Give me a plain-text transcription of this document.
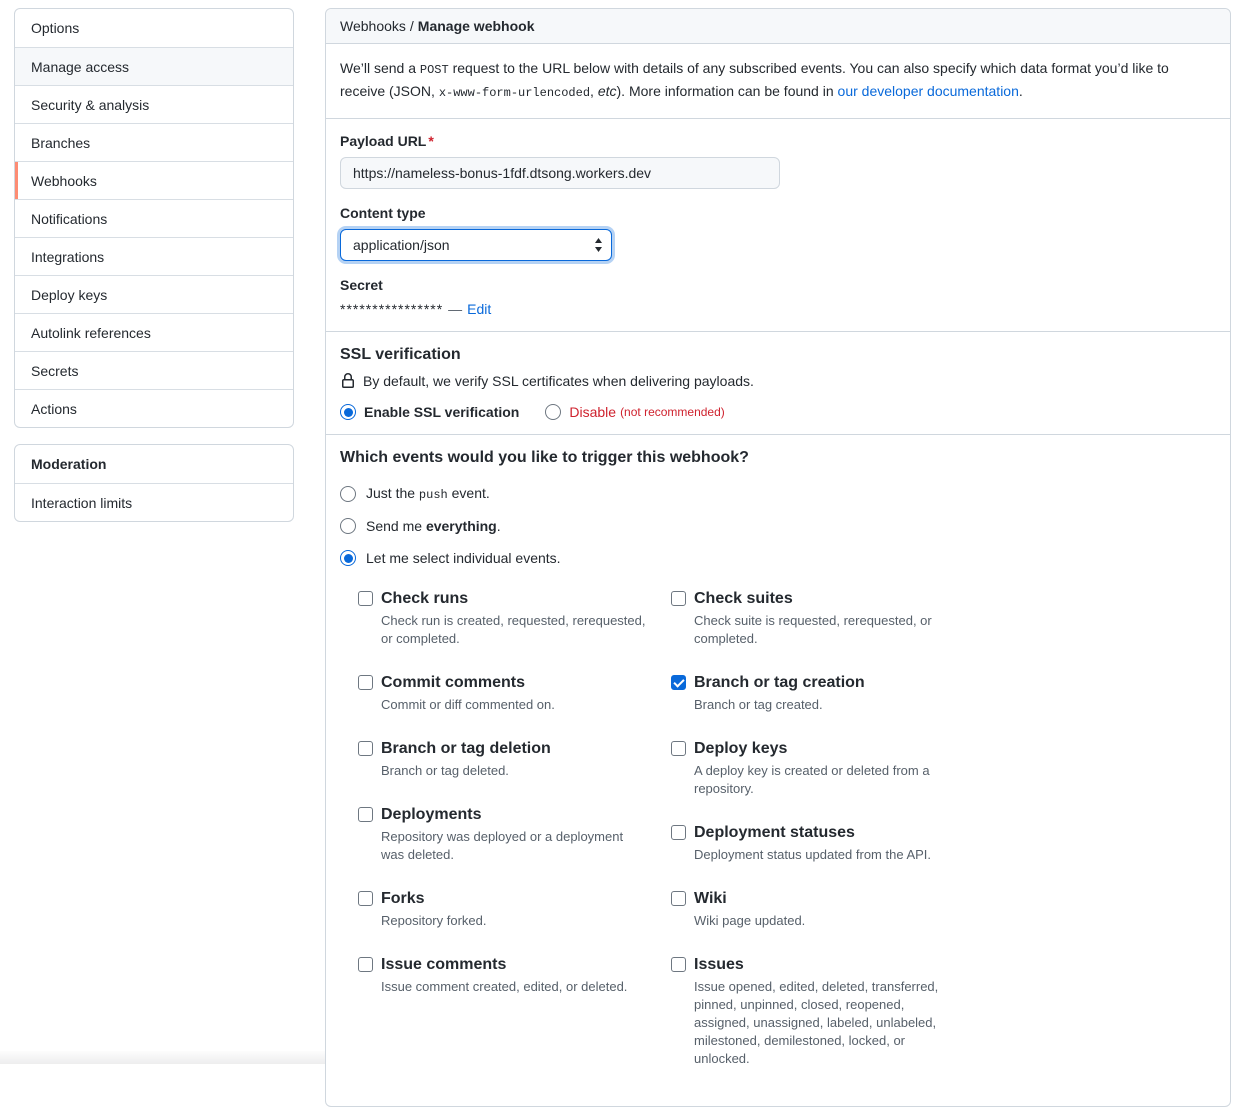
Options
Manage access
Security & analysis
Branches
Webhooks
Notifications
Integrations
Deploy keys
Autolink references
Secrets
Actions
Moderation
Interaction limits
Webhooks / Manage webhook

We’ll send a POST request to the URL below with details of any subscribed events. You can also specify which data format you’d like to receive (JSON, x-www-form-urlencoded, etc). More information can be found in our developer documentation.

Payload URL *
https://nameless-bonus-1fdf.dtsong.workers.dev
Content type
application/json
Secret
**************** — Edit
SSL verification

By default, we verify SSL certificates when delivering payloads.

Enable SSL verification	Disable (not recommended)
Which events would you like to trigger this webhook?
Just the push event.
Send me everything.
Let me select individual events.
Check runs

Check run is created, requested, rerequested, or completed.

Commit comments

Commit or diff commented on.

Branch or tag deletion

Branch or tag deleted.

Deployments

Repository was deployed or a deployment was deleted.

Forks

Repository forked.

Issue comments

Issue comment created, edited, or deleted.

Check suites

Check suite is requested, rerequested, or completed.

Branch or tag creation

Branch or tag created.

Deploy keys

A deploy key is created or deleted from a repository.

Deployment statuses

Deployment status updated from the API.

Wiki

Wiki page updated.

Issues

Issue opened, edited, deleted, transferred, pinned, unpinned, closed, reopened, assigned, unassigned, labeled, unlabeled, milestoned, demilestoned, locked, or unlocked.
